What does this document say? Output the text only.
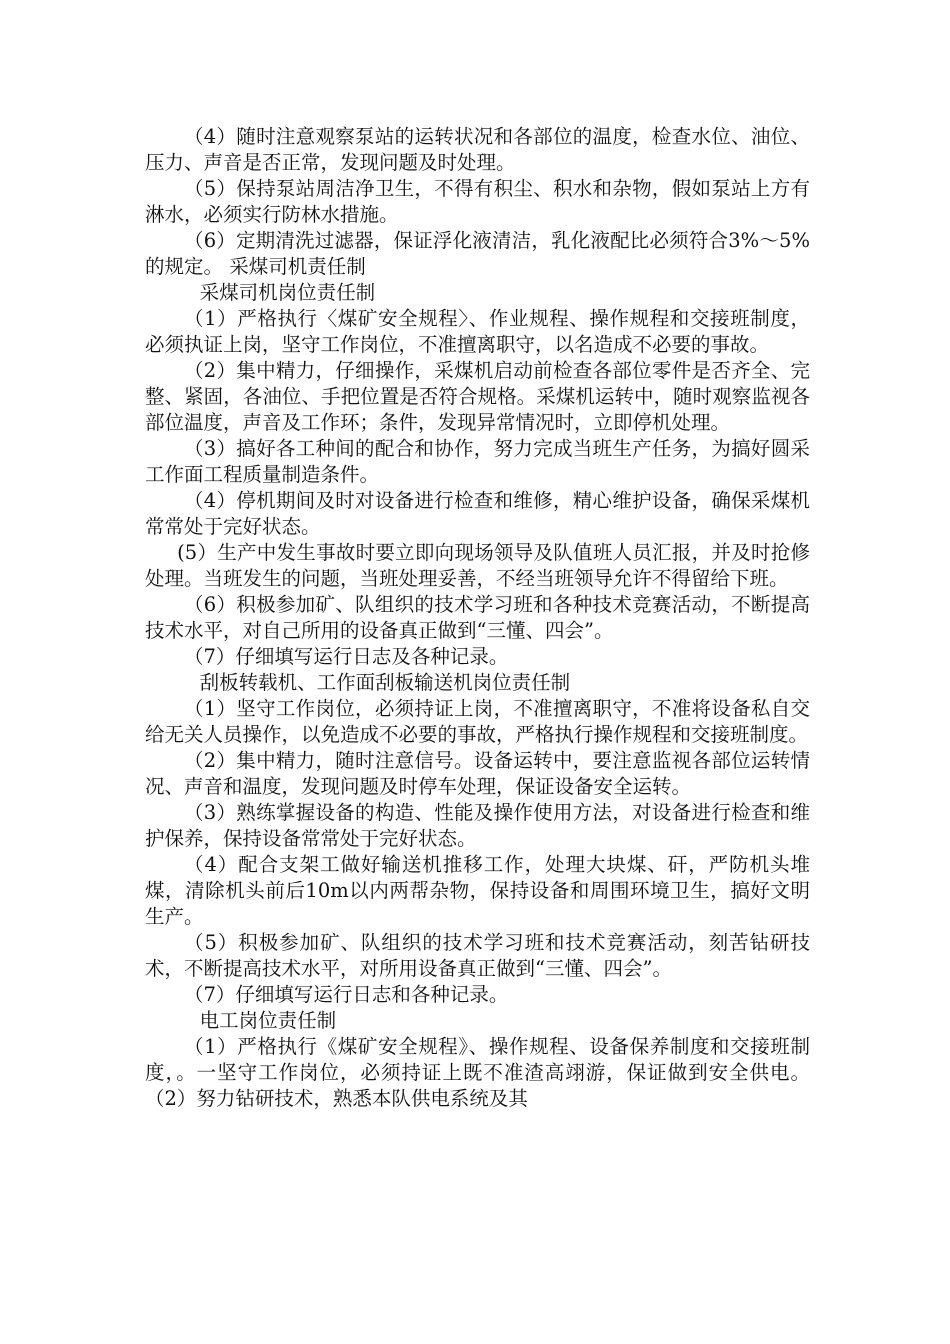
（4）随时注意观察泵站的运转状况和各部位的温度，检查水位、油位、压力、声音是否正常，发现问题及时处理。

（5）保持泵站周洁净卫生，不得有积尘、积水和杂物，假如泵站上方有淋水，必须实行防林水措施。

（6）定期清洗过滤器，保证浮化液清洁，乳化液配比必须符合3%～5%的规定。 采煤司机责任制

采煤司机岗位责任制

（1）严格执行〈煤矿安全规程〉、作业规程、操作规程和交接班制度，必须执证上岗，坚守工作岗位，不准擅离职守，以名造成不必要的事故。

（2）集中精力，仔细操作，采煤机启动前检查各部位零件是否齐全、完整、紧固，各油位、手把位置是否符合规格。采煤机运转中，随时观察监视各部位温度，声音及工作环；条件，发现异常情况时，立即停机处理。

（3）搞好各工种间的配合和协作，努力完成当班生产任务，为搞好圆采工作面工程质量制造条件。

（4）停机期间及时对设备进行检查和维修，精心维护设备，确保采煤机常常处于完好状态。

(5）生产中发生事故时要立即向现场领导及队值班人员汇报，并及时抢修处理。当班发生的问题，当班处理妥善，不经当班领导允许不得留给下班。

（6）积极参加矿、队组织的技术学习班和各种技术竞赛活动，不断提高技术水平，对自己所用的设备真正做到“三懂、四会”。

（7）仔细填写运行日志及各种记录。

刮板转载机、工作面刮板输送机岗位责任制

（1）坚守工作岗位，必须持证上岗，不准擅离职守，不准将设备私自交给无关人员操作，以免造成不必要的事故，严格执行操作规程和交接班制度。

（2）集中精力，随时注意信号。设备运转中，要注意监视各部位运转情况、声音和温度，发现问题及时停车处理，保证设备安全运转。

（3）熟练掌握设备的构造、性能及操作使用方法，对设备进行检查和维护保养，保持设备常常处于完好状态。

（4）配合支架工做好输送机推移工作，处理大块煤、矸，严防机头堆煤，清除机头前后10m以内两帮杂物，保持设备和周围环境卫生，搞好文明生产。

（5）积极参加矿、队组织的技术学习班和技术竞赛活动，刻苦钻研技术，不断提高技术水平，对所用设备真正做到“三懂、四会”。

（7）仔细填写运行日志和各种记录。

电工岗位责任制

（1）严格执行《煤矿安全规程》、操作规程、设备保养制度和交接班制度，。一坚守工作岗位，必须持证上既不准渣高翊游，保证做到安全供电。 （2）努力钻研技术，熟悉本队供电系统及其
